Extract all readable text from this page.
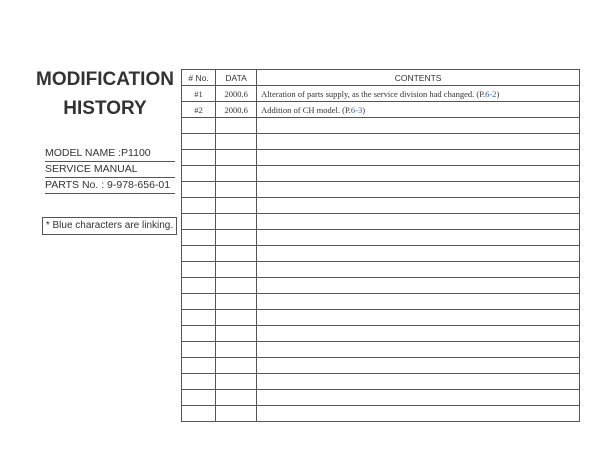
MODIFICATION
HISTORY
MODEL NAME :P1100
SERVICE MANUAL
PARTS No. : 9-978-656-01
* Blue characters are linking.
# No.	DATA	CONTENTS
#1	2000.6	Alteration of parts supply, as the service division had changed. (P.6-2)
#2	2000.6	Addition of CH model. (P.6-3)
